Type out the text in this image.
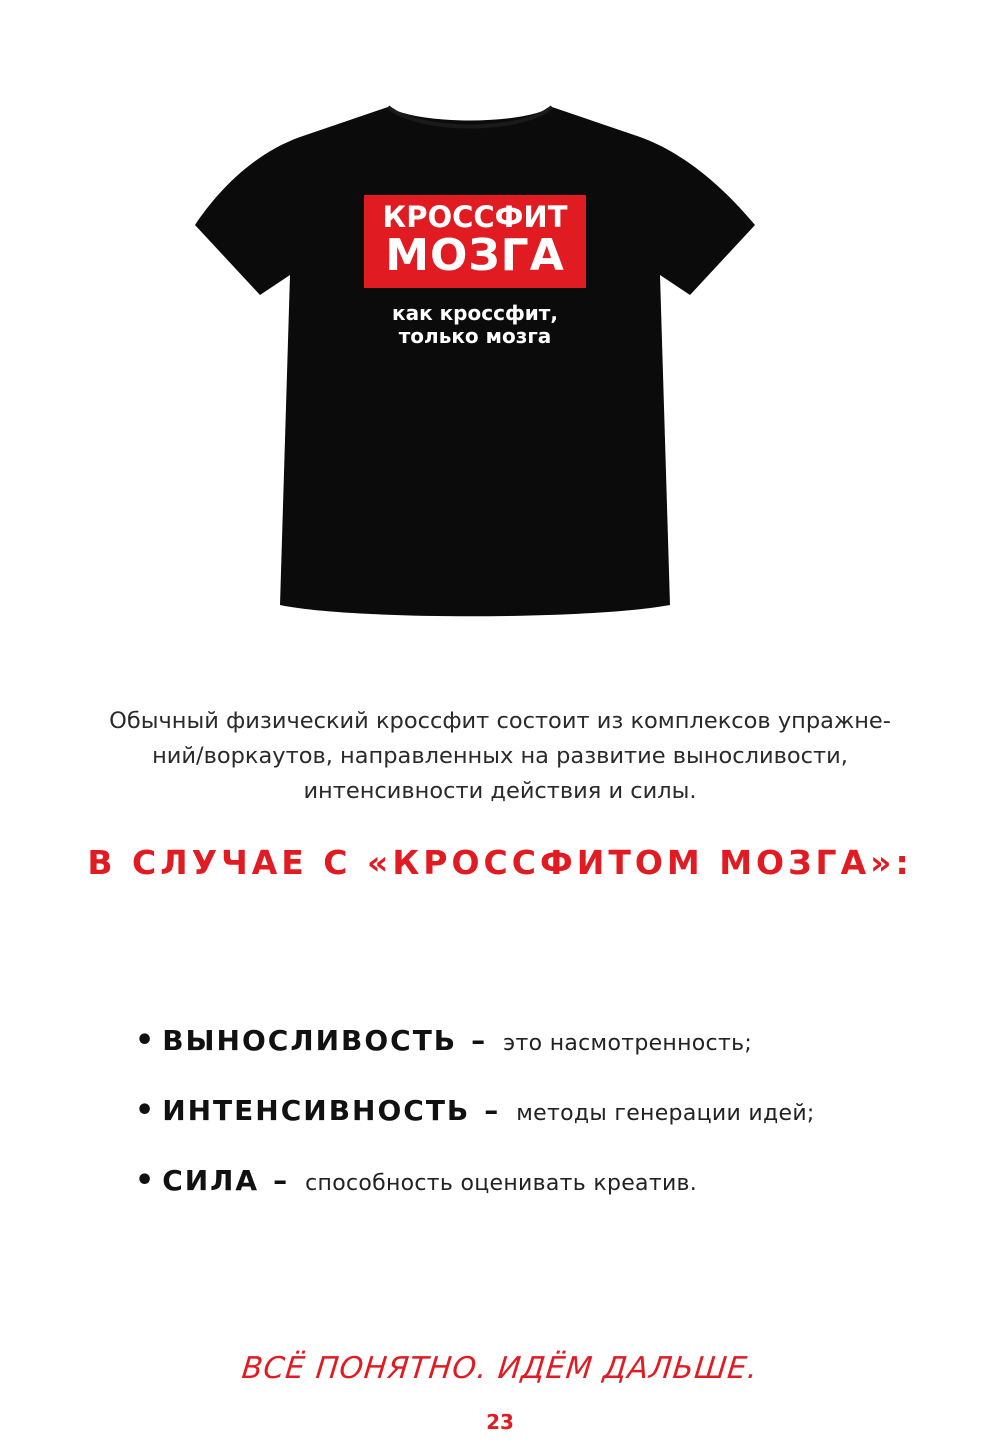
КРОССФИТ
МОЗГА
как кроссфит,
только мозга
Обычный физический кроссфит состоит из комплексов упражне-
ний/воркаутов, направленных на развитие выносливости,
интенсивности действия и силы.
В СЛУЧАЕ С «КРОССФИТОМ МОЗГА»:
• ВЫНОСЛИВОСТЬ – это насмотренность;
• ИНТЕНСИВНОСТЬ – методы генерации идей;
• СИЛА – способность оценивать креатив.
ВСЁ ПОНЯТНО. ИДЁМ ДАЛЬШЕ.
23
